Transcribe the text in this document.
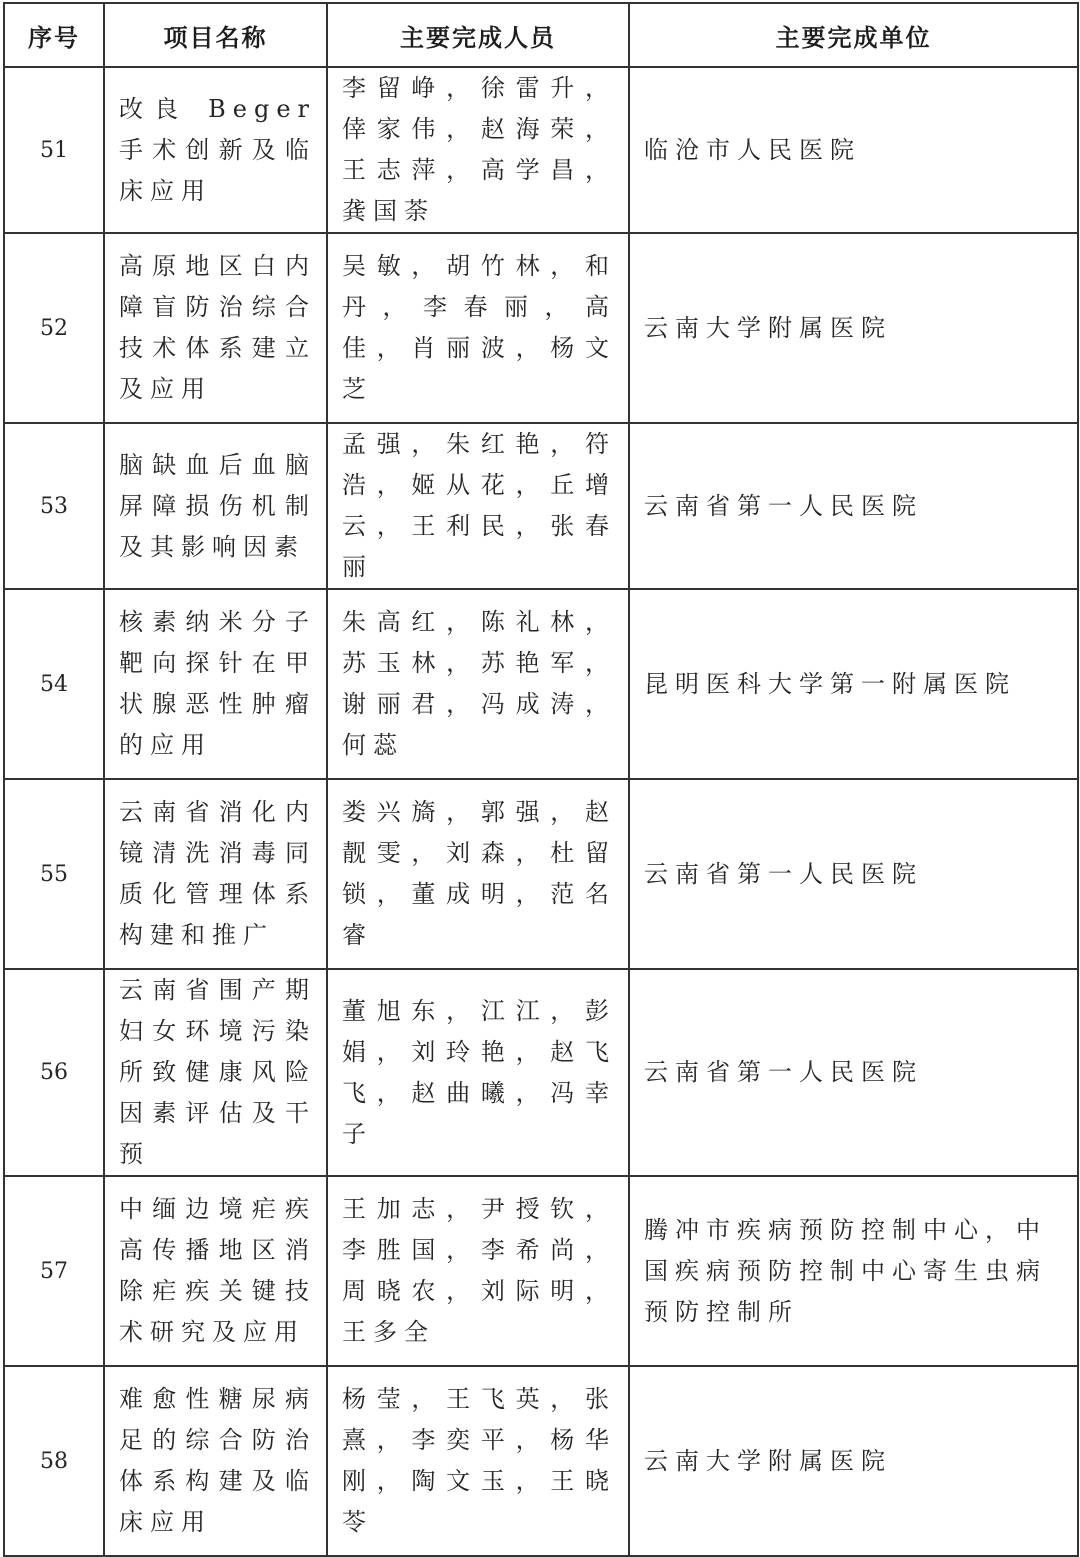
序号	项目名称	主要完成人员	主要完成单位
51	改良 Beger 手术创新及临床应用	李留峥，徐雷升，倖家伟，赵海荣，王志萍，高学昌，龚国荼	临沧市人民医院
52	高原地区白内障盲防治综合技术体系建立及应用	吴敏，胡竹林，和丹，李春丽，高佳，肖丽波，杨文芝	云南大学附属医院
53	脑缺血后血脑屏障损伤机制及其影响因素	孟强，朱红艳，符浩，姬从花，丘增云，王利民，张春丽	云南省第一人民医院
54	核素纳米分子靶向探针在甲状腺恶性肿瘤的应用	朱高红，陈礼林，苏玉林，苏艳军，谢丽君，冯成涛，何蕊	昆明医科大学第一附属医院
55	云南省消化内镜清洗消毒同质化管理体系构建和推广	娄兴旖，郭强，赵靓雯，刘森，杜留锁，董成明，范名睿	云南省第一人民医院
56	云南省围产期妇女环境污染所致健康风险因素评估及干预	董旭东，江江，彭娟，刘玲艳，赵飞飞，赵曲曦，冯幸子	云南省第一人民医院
57	中缅边境疟疾高传播地区消除疟疾关键技术研究及应用	王加志，尹授钦，李胜国，李希尚，周晓农，刘际明，王多全	腾冲市疾病预防控制中心，中国疾病预防控制中心寄生虫病预防控制所
58	难愈性糖尿病足的综合防治体系构建及临床应用	杨莹，王飞英，张熹，李奕平，杨华刚，陶文玉，王晓苓	云南大学附属医院
